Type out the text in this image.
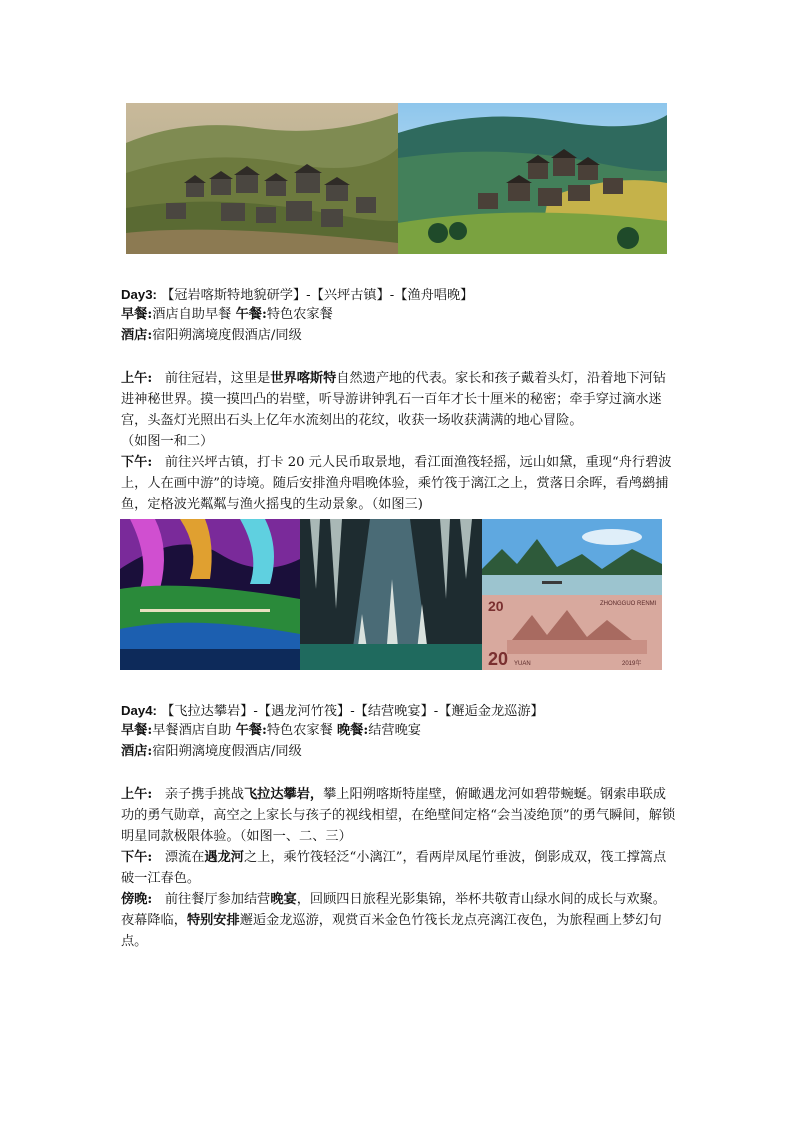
Day3: 【冠岩喀斯特地貌研学】-【兴坪古镇】-【渔舟唱晚】
早餐:酒店自助早餐 午餐:特色农家餐
酒店:宿阳朔漓境度假酒店/同级
上午: 前往冠岩，这里是世界喀斯特自然遗产地的代表。家长和孩子戴着头灯，沿着地下河钻进神秘世界。摸一摸凹凸的岩壁，听导游讲钟乳石一百年才长十厘米的秘密；牵手穿过滴水迷宫，头盔灯光照出石头上亿年水流刻出的花纹，收获一场收获满满的地心冒险。
（如图一和二）
下午: 前往兴坪古镇，打卡 20 元人民币取景地，看江面渔筏轻摇，远山如黛，重现“舟行碧波上，人在画中游”的诗境。随后安排渔舟唱晚体验，乘竹筏于漓江之上，赏落日余晖，看鸬鹚捕鱼，定格波光粼粼与渔火摇曳的生动景象。（如图三)
20	ZHONGGUO RENMI
20 YUAN	2019年
Day4: 【飞拉达攀岩】-【遇龙河竹筏】-【结营晚宴】-【邂逅金龙巡游】
早餐:早餐酒店自助 午餐:特色农家餐 晚餐:结营晚宴
酒店:宿阳朔漓境度假酒店/同级
上午: 亲子携手挑战飞拉达攀岩，攀上阳朔喀斯特崖壁，俯瞰遇龙河如碧带蜿蜒。钢索串联成功的勇气勋章，高空之上家长与孩子的视线相望，在绝壁间定格“会当凌绝顶”的勇气瞬间，解锁明星同款极限体验。（如图一、二、三）
下午: 漂流在遇龙河之上，乘竹筏轻泛“小漓江”，看两岸凤尾竹垂波，倒影成双，筏工撑篙点破一江春色。
傍晚: 前往餐厅参加结营晚宴，回顾四日旅程光影集锦，举杯共敬青山绿水间的成长与欢聚。夜幕降临，特别安排邂逅金龙巡游，观赏百米金色竹筏长龙点亮漓江夜色，为旅程画上梦幻句点。
